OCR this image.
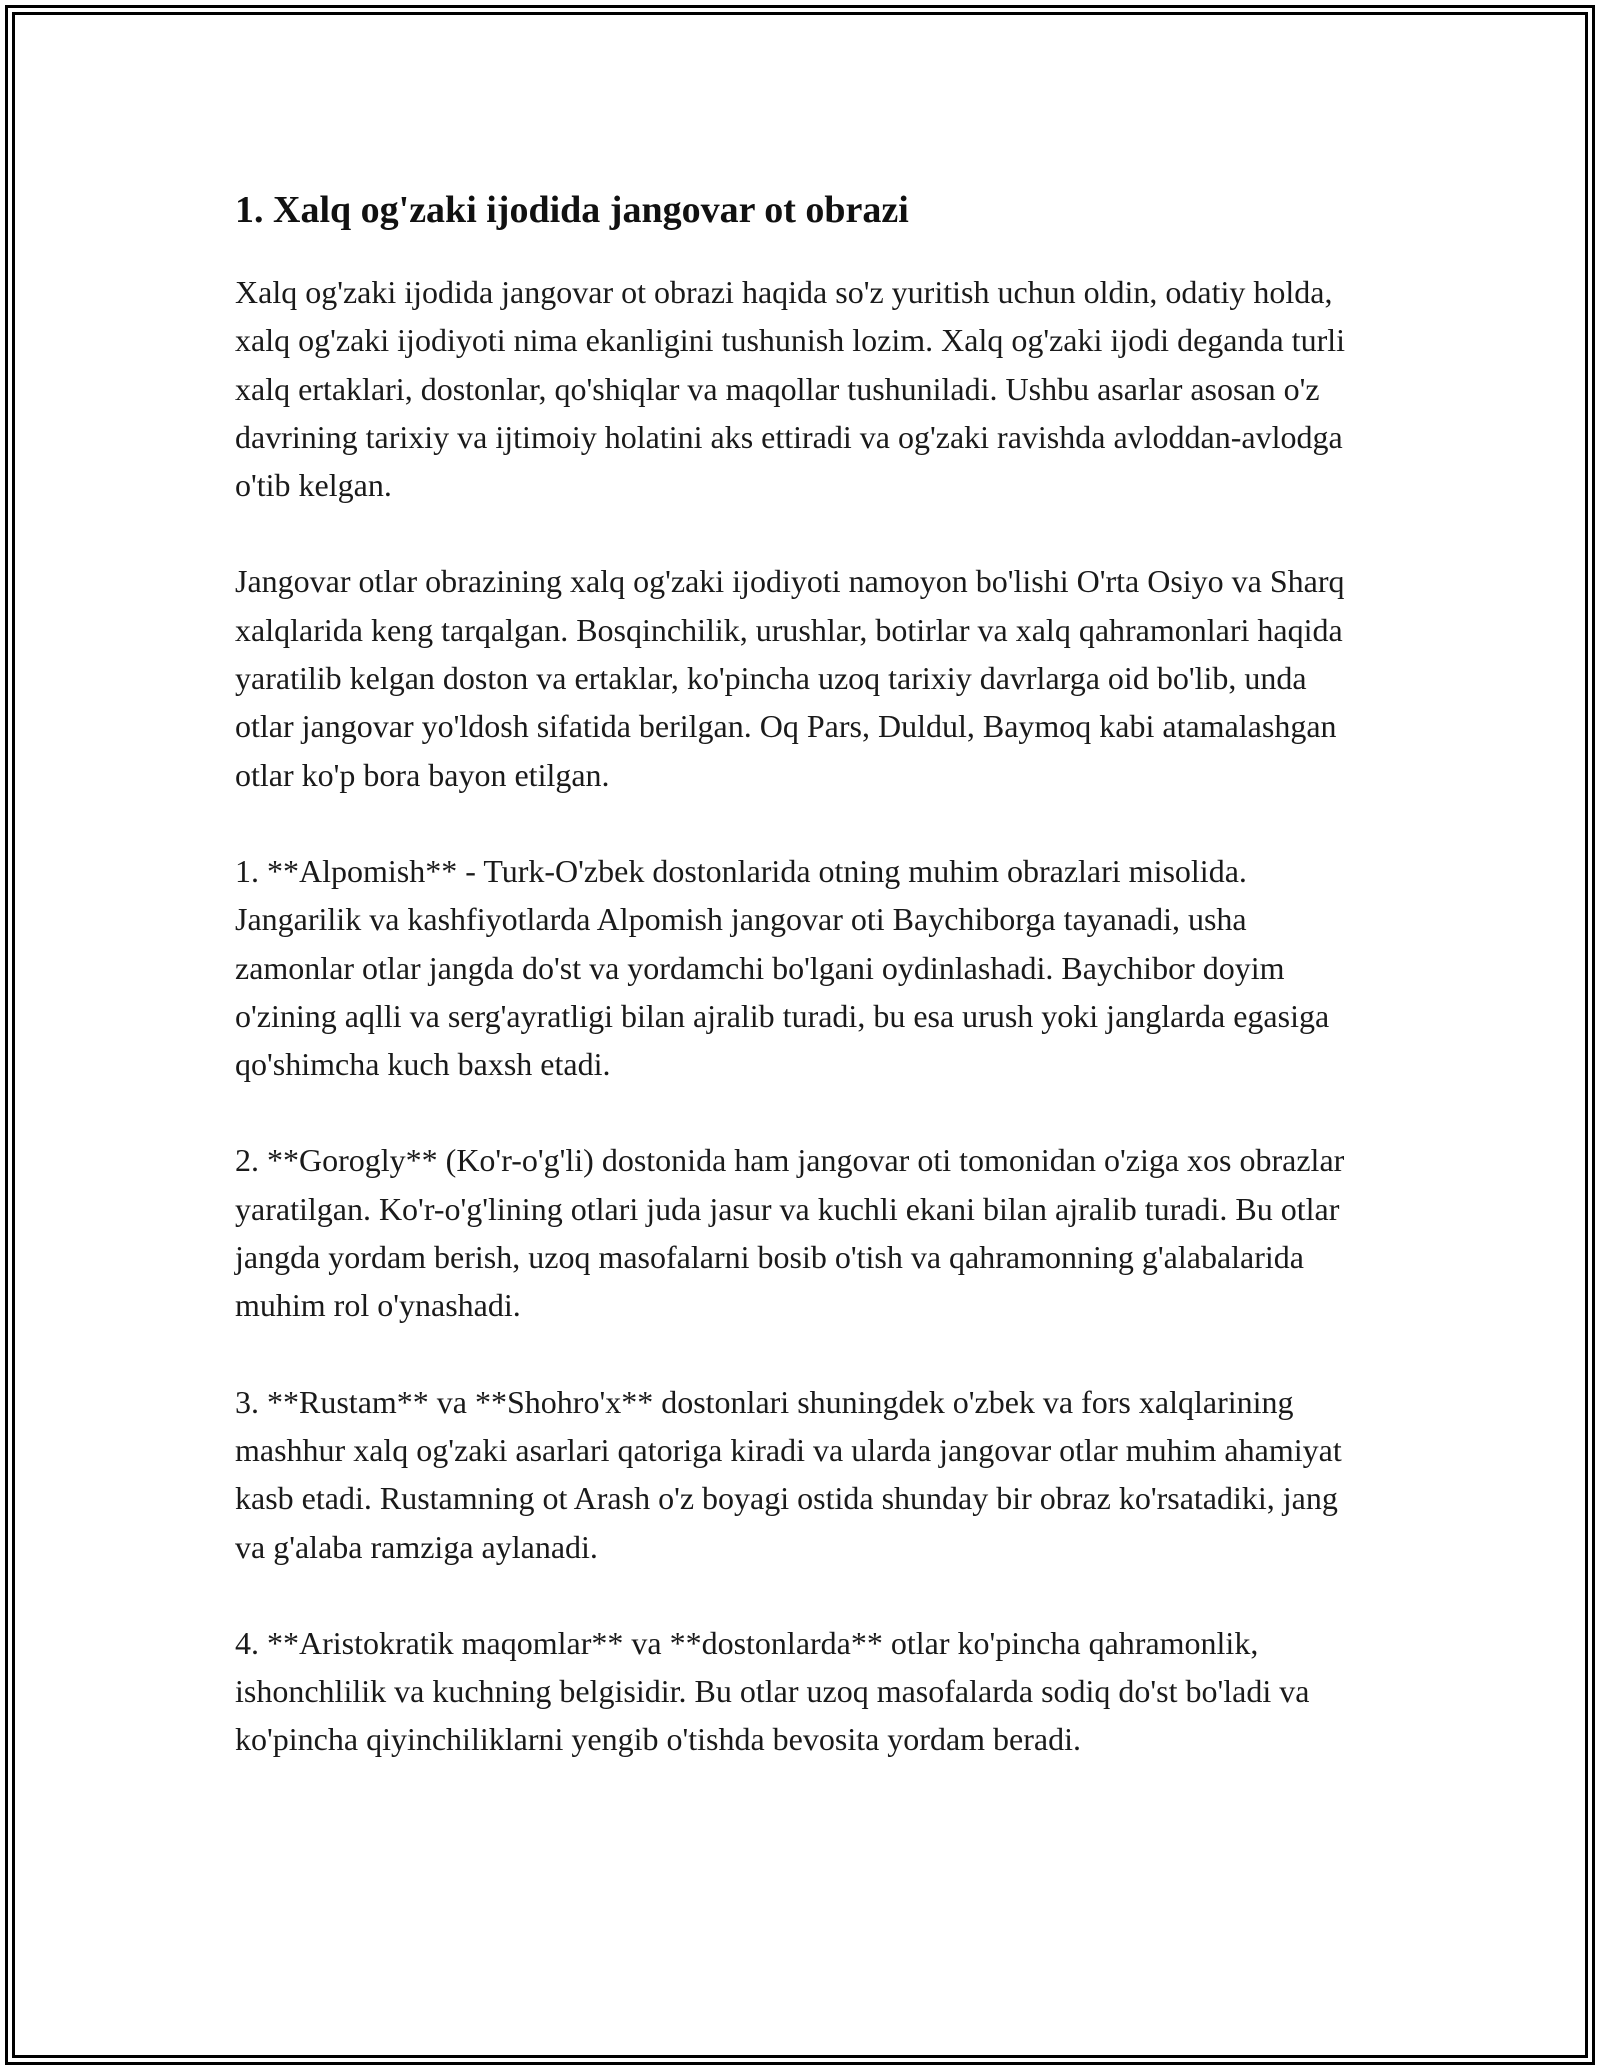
1. Xalq og'zaki ijodida jangovar ot obrazi

Xalq og'zaki ijodida jangovar ot obrazi haqida so'z yuritish uchun oldin, odatiy holda, xalq og'zaki ijodiyoti nima ekanligini tushunish lozim. Xalq og'zaki ijodi deganda turli xalq ertaklari, dostonlar, qo'shiqlar va maqollar tushuniladi. Ushbu asarlar asosan o'z davrining tarixiy va ijtimoiy holatini aks ettiradi va og'zaki ravishda avloddan-avlodga o'tib kelgan.

Jangovar otlar obrazining xalq og'zaki ijodiyoti namoyon bo'lishi O'rta Osiyo va Sharq xalqlarida keng tarqalgan. Bosqinchilik, urushlar, botirlar va xalq qahramonlari haqida yaratilib kelgan doston va ertaklar, ko'pincha uzoq tarixiy davrlarga oid bo'lib, unda otlar jangovar yo'ldosh sifatida berilgan. Oq Pars, Duldul, Baymoq kabi atamalashgan otlar ko'p bora bayon etilgan.

1. **Alpomish** - Turk-O'zbek dostonlarida otning muhim obrazlari misolida. Jangarilik va kashfiyotlarda Alpomish jangovar oti Baychiborga tayanadi, usha zamonlar otlar jangda do'st va yordamchi bo'lgani oydinlashadi. Baychibor doyim o'zining aqlli va serg'ayratligi bilan ajralib turadi, bu esa urush yoki janglarda egasiga qo'shimcha kuch baxsh etadi.

2. **Gorogly** (Ko'r-o'g'li) dostonida ham jangovar oti tomonidan o'ziga xos obrazlar yaratilgan. Ko'r-o'g'lining otlari juda jasur va kuchli ekani bilan ajralib turadi. Bu otlar jangda yordam berish, uzoq masofalarni bosib o'tish va qahramonning g'alabalarida muhim rol o'ynashadi.

3. **Rustam** va **Shohro'x** dostonlari shuningdek o'zbek va fors xalqlarining mashhur xalq og'zaki asarlari qatoriga kiradi va ularda jangovar otlar muhim ahamiyat kasb etadi. Rustamning ot Arash o'z boyagi ostida shunday bir obraz ko'rsatadiki, jang va g'alaba ramziga aylanadi.

4. **Aristokratik maqomlar** va **dostonlarda** otlar ko'pincha qahramonlik, ishonchlilik va kuchning belgisidir. Bu otlar uzoq masofalarda sodiq do'st bo'ladi va ko'pincha qiyinchiliklarni yengib o'tishda bevosita yordam beradi.
